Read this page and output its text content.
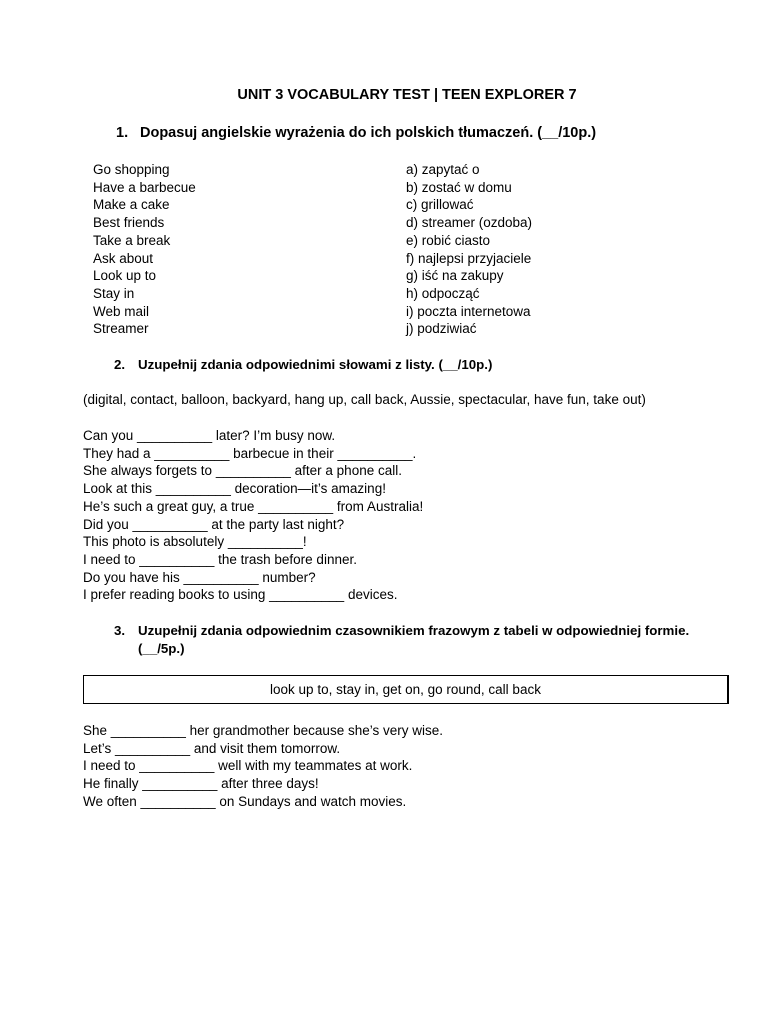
UNIT 3 VOCABULARY TEST | TEEN EXPLORER 7
1. Dopasuj angielskie wyrażenia do ich polskich tłumaczeń. (__/10p.)
Go shopping
Have a barbecue
Make a cake
Best friends
Take a break
Ask about
Look up to
Stay in
Web mail
Streamer
a) zapytać o
b) zostać w domu
c) grillować
d) streamer (ozdoba)
e) robić ciasto
f) najlepsi przyjaciele
g) iść na zakupy
h) odpocząć
i) poczta internetowa
j) podziwiać
2. Uzupełnij zdania odpowiednimi słowami z listy. (__/10p.)
(digital, contact, balloon, backyard, hang up, call back, Aussie, spectacular, have fun, take out)
Can you __________ later? I’m busy now.
They had a __________ barbecue in their __________.
She always forgets to __________ after a phone call.
Look at this __________ decoration—it’s amazing!
He’s such a great guy, a true __________ from Australia!
Did you __________ at the party last night?
This photo is absolutely __________!
I need to __________ the trash before dinner.
Do you have his __________ number?
I prefer reading books to using __________ devices.
3. Uzupełnij zdania odpowiednim czasownikiem frazowym z tabeli w odpowiedniej formie.
(__/5p.)
look up to, stay in, get on, go round, call back
She __________ her grandmother because she’s very wise.
Let’s __________ and visit them tomorrow.
I need to __________ well with my teammates at work.
He finally __________ after three days!
We often __________ on Sundays and watch movies.
